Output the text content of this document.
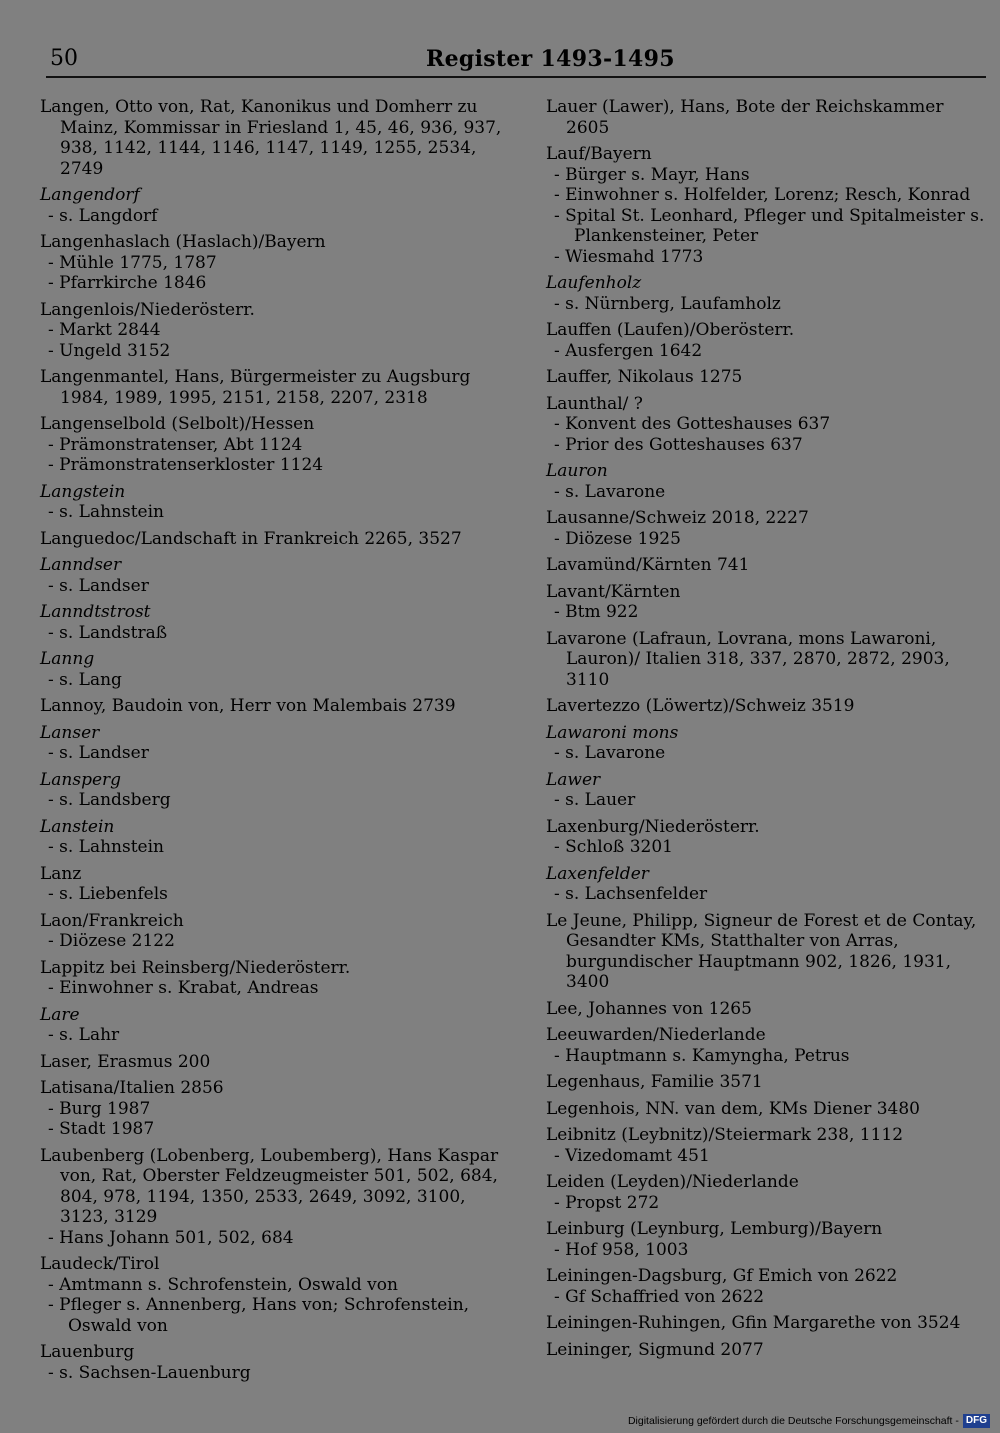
50	Register 1493-1495
Langen, Otto von, Rat, Kanonikus und Domherr zu Mainz, Kommissar in Friesland 1, 45, 46, 936, 937, 938, 1142, 1144, 1146, 1147, 1149, 1255, 2534, 2749
Langendorf
- s. Langdorf
Langenhaslach (Haslach)/Bayern
- Mühle 1775, 1787
- Pfarrkirche 1846
Langenlois/Niederösterr.
- Markt 2844
- Ungeld 3152
Langenmantel, Hans, Bürgermeister zu Augsburg 1984, 1989, 1995, 2151, 2158, 2207, 2318
Langenselbold (Selbolt)/Hessen
- Prämonstratenser, Abt 1124
- Prämonstratenserkloster 1124
Langstein
- s. Lahnstein
Languedoc/Landschaft in Frankreich 2265, 3527
Lanndser
- s. Landser
Lanndtstrost
- s. Landstraß
Lanng
- s. Lang
Lannoy, Baudoin von, Herr von Malembais 2739
Lanser
- s. Landser
Lansperg
- s. Landsberg
Lanstein
- s. Lahnstein
Lanz
- s. Liebenfels
Laon/Frankreich
- Diözese 2122
Lappitz bei Reinsberg/Niederösterr.
- Einwohner s. Krabat, Andreas
Lare
- s. Lahr
Laser, Erasmus 200
Latisana/Italien 2856
- Burg 1987
- Stadt 1987
Laubenberg (Lobenberg, Loubemberg), Hans Kaspar von, Rat, Oberster Feldzeugmeister 501, 502, 684, 804, 978, 1194, 1350, 2533, 2649, 3092, 3100, 3123, 3129
- Hans Johann 501, 502, 684
Laudeck/Tirol
- Amtmann s. Schrofenstein, Oswald von
- Pfleger s. Annenberg, Hans von; Schrofenstein, Oswald von
Lauenburg
- s. Sachsen-Lauenburg
Lauer (Lawer), Hans, Bote der Reichskammer 2605
Lauf/Bayern
- Bürger s. Mayr, Hans
- Einwohner s. Holfelder, Lorenz; Resch, Konrad
- Spital St. Leonhard, Pfleger und Spitalmeister s. Plankensteiner, Peter
- Wiesmahd 1773
Laufenholz
- s. Nürnberg, Laufamholz
Lauffen (Laufen)/Oberösterr.
- Ausfergen 1642
Lauffer, Nikolaus 1275
Launthal/ ?
- Konvent des Gotteshauses 637
- Prior des Gotteshauses 637
Lauron
- s. Lavarone
Lausanne/Schweiz 2018, 2227
- Diözese 1925
Lavamünd/Kärnten 741
Lavant/Kärnten
- Btm 922
Lavarone (Lafraun, Lovrana, mons Lawaroni, Lauron)/ Italien 318, 337, 2870, 2872, 2903, 3110
Lavertezzo (Löwertz)/Schweiz 3519
Lawaroni mons
- s. Lavarone
Lawer
- s. Lauer
Laxenburg/Niederösterr.
- Schloß 3201
Laxenfelder
- s. Lachsenfelder
Le Jeune, Philipp, Signeur de Forest et de Contay, Gesandter KMs, Statthalter von Arras, burgundischer Hauptmann 902, 1826, 1931, 3400
Lee, Johannes von 1265
Leeuwarden/Niederlande
- Hauptmann s. Kamyngha, Petrus
Legenhaus, Familie 3571
Legenhois, NN. van dem, KMs Diener 3480
Leibnitz (Leybnitz)/Steiermark 238, 1112
- Vizedomamt 451
Leiden (Leyden)/Niederlande
- Propst 272
Leinburg (Leynburg, Lemburg)/Bayern
- Hof 958, 1003
Leiningen-Dagsburg, Gf Emich von 2622
- Gf Schaffried von 2622
Leiningen-Ruhingen, Gfin Margarethe von 3524
Leininger, Sigmund 2077
Digitalisierung gefördert durch die Deutsche Forschungsgemeinschaft - DFG
